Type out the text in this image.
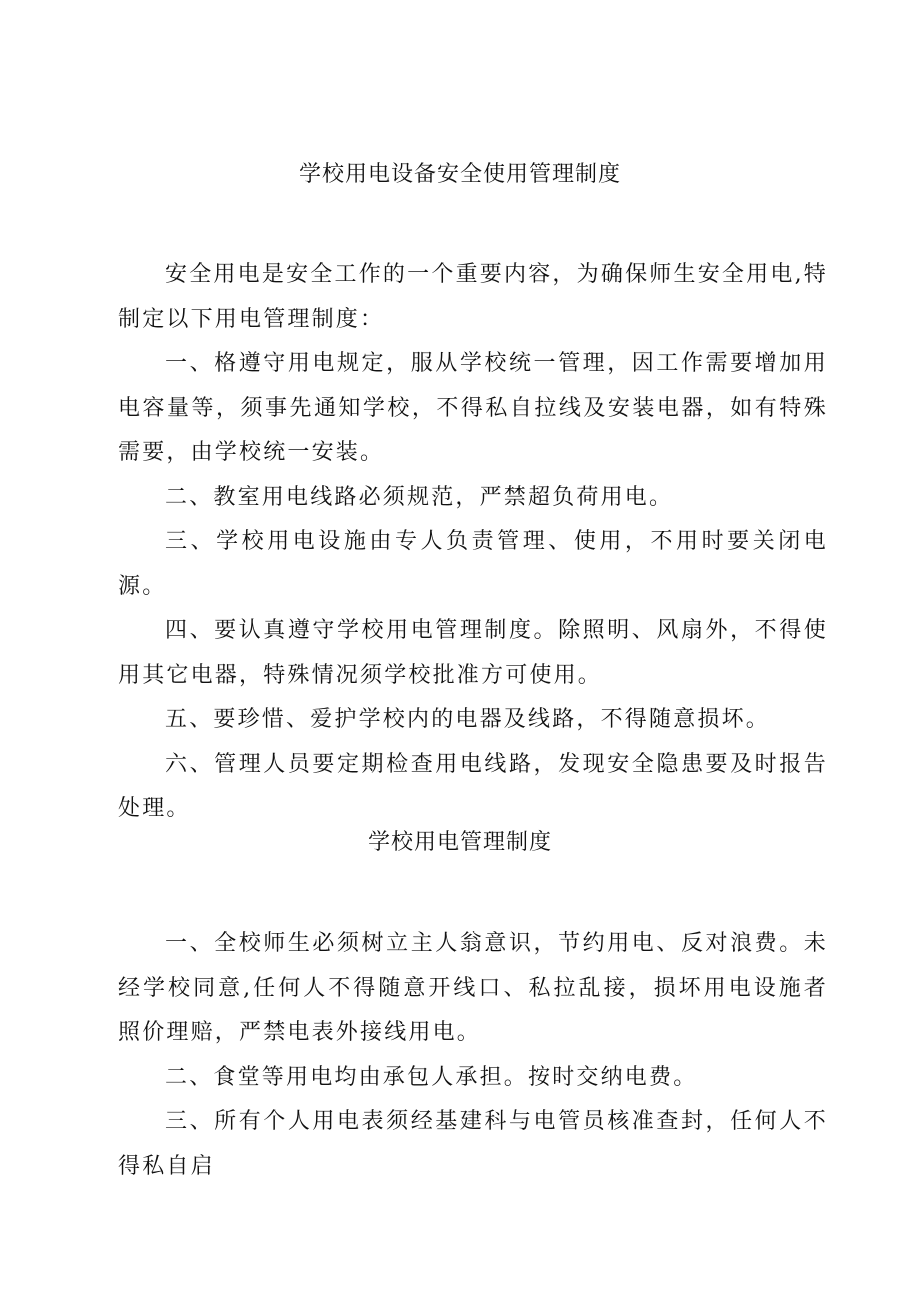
学校用电设备安全使用管理制度

安全用电是安全工作的一个重要内容，为确保师生安全用电,特制定以下用电管理制度：

一、格遵守用电规定，服从学校统一管理，因工作需要增加用电容量等，须事先通知学校，不得私自拉线及安装电器，如有特殊需要，由学校统一安装。

二、教室用电线路必须规范，严禁超负荷用电。

三、学校用电设施由专人负责管理、使用，不用时要关闭电源。

四、要认真遵守学校用电管理制度。除照明、风扇外，不得使用其它电器，特殊情况须学校批准方可使用。

五、要珍惜、爱护学校内的电器及线路，不得随意损坏。

六、管理人员要定期检查用电线路，发现安全隐患要及时报告处理。

学校用电管理制度

一、全校师生必须树立主人翁意识，节约用电、反对浪费。未经学校同意,任何人不得随意开线口、私拉乱接，损坏用电设施者照价理赔，严禁电表外接线用电。

二、食堂等用电均由承包人承担。按时交纳电费。

三、所有个人用电表须经基建科与电管员核准查封，任何人不得私自启
